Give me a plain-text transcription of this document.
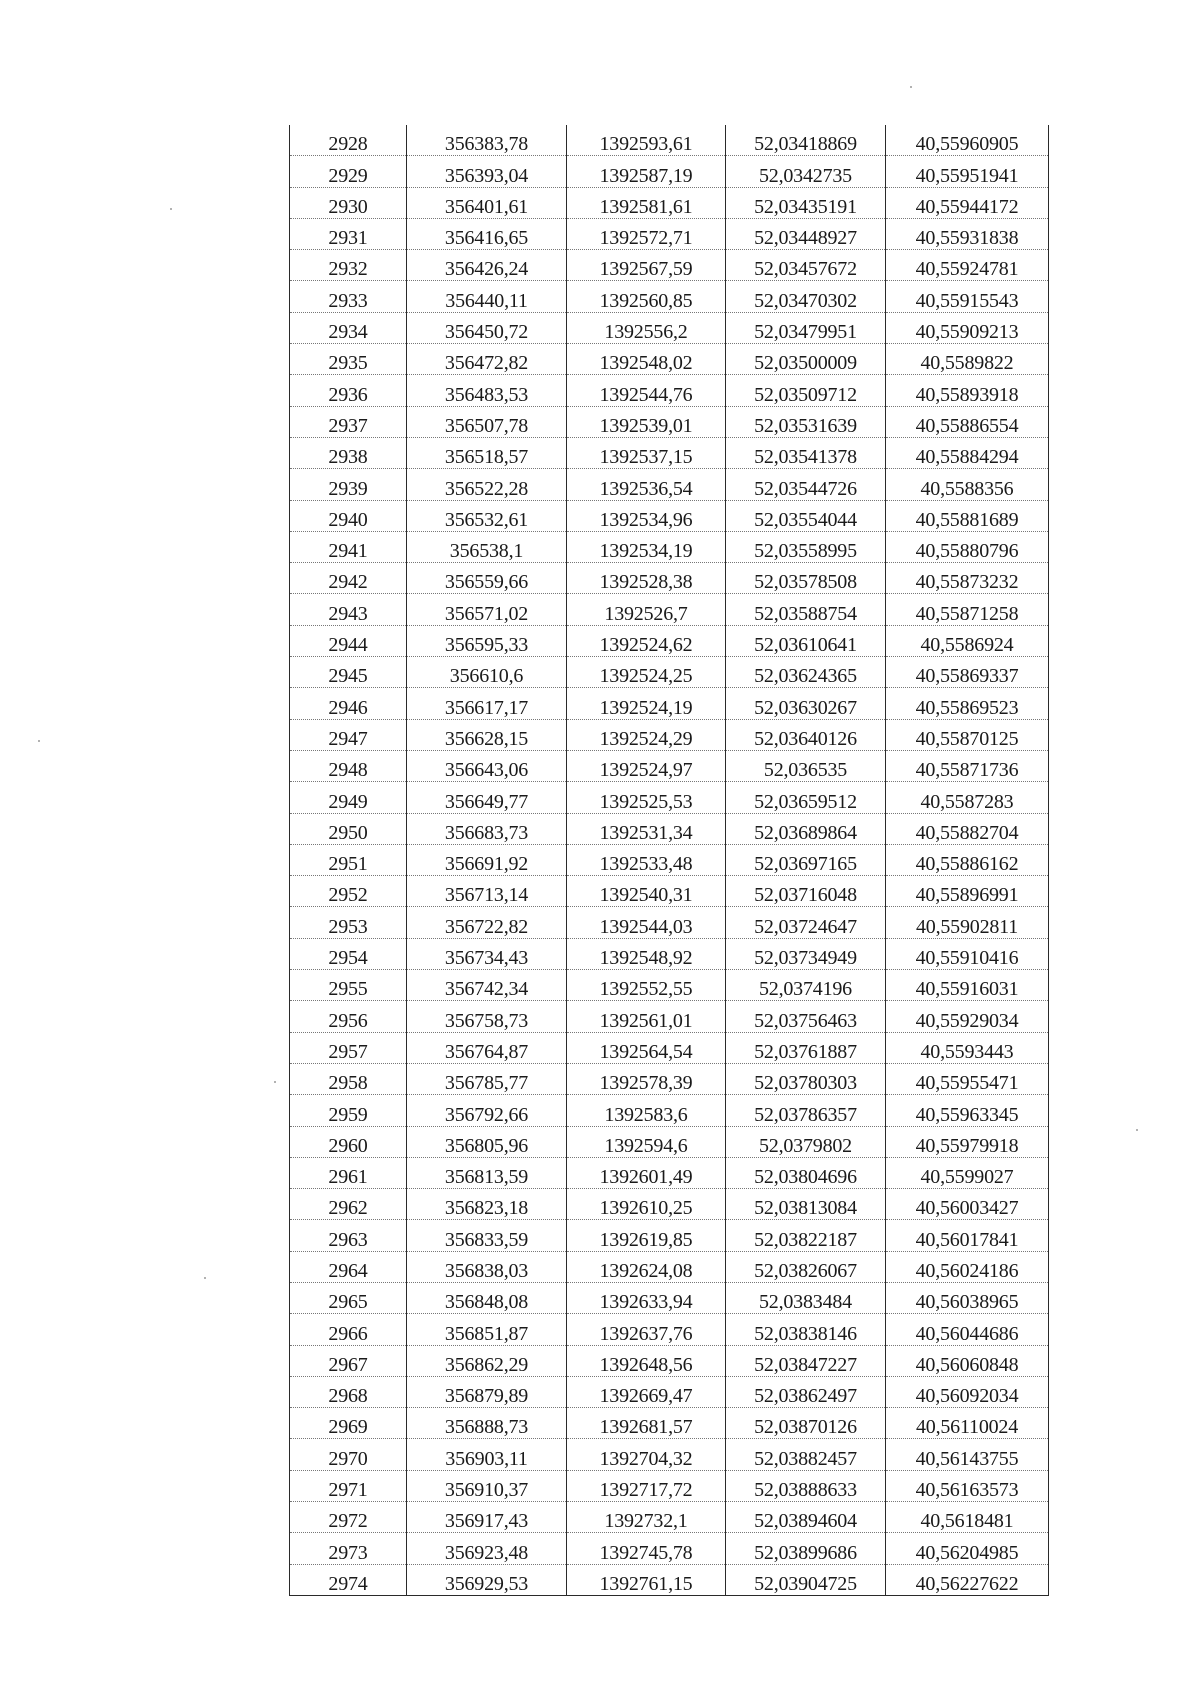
2928	356383,78	1392593,61	52,03418869	40,55960905
2929	356393,04	1392587,19	52,0342735	40,55951941
2930	356401,61	1392581,61	52,03435191	40,55944172
2931	356416,65	1392572,71	52,03448927	40,55931838
2932	356426,24	1392567,59	52,03457672	40,55924781
2933	356440,11	1392560,85	52,03470302	40,55915543
2934	356450,72	1392556,2	52,03479951	40,55909213
2935	356472,82	1392548,02	52,03500009	40,5589822
2936	356483,53	1392544,76	52,03509712	40,55893918
2937	356507,78	1392539,01	52,03531639	40,55886554
2938	356518,57	1392537,15	52,03541378	40,55884294
2939	356522,28	1392536,54	52,03544726	40,5588356
2940	356532,61	1392534,96	52,03554044	40,55881689
2941	356538,1	1392534,19	52,03558995	40,55880796
2942	356559,66	1392528,38	52,03578508	40,55873232
2943	356571,02	1392526,7	52,03588754	40,55871258
2944	356595,33	1392524,62	52,03610641	40,5586924
2945	356610,6	1392524,25	52,03624365	40,55869337
2946	356617,17	1392524,19	52,03630267	40,55869523
2947	356628,15	1392524,29	52,03640126	40,55870125
2948	356643,06	1392524,97	52,036535	40,55871736
2949	356649,77	1392525,53	52,03659512	40,5587283
2950	356683,73	1392531,34	52,03689864	40,55882704
2951	356691,92	1392533,48	52,03697165	40,55886162
2952	356713,14	1392540,31	52,03716048	40,55896991
2953	356722,82	1392544,03	52,03724647	40,55902811
2954	356734,43	1392548,92	52,03734949	40,55910416
2955	356742,34	1392552,55	52,0374196	40,55916031
2956	356758,73	1392561,01	52,03756463	40,55929034
2957	356764,87	1392564,54	52,03761887	40,5593443
2958	356785,77	1392578,39	52,03780303	40,55955471
2959	356792,66	1392583,6	52,03786357	40,55963345
2960	356805,96	1392594,6	52,0379802	40,55979918
2961	356813,59	1392601,49	52,03804696	40,5599027
2962	356823,18	1392610,25	52,03813084	40,56003427
2963	356833,59	1392619,85	52,03822187	40,56017841
2964	356838,03	1392624,08	52,03826067	40,56024186
2965	356848,08	1392633,94	52,0383484	40,56038965
2966	356851,87	1392637,76	52,03838146	40,56044686
2967	356862,29	1392648,56	52,03847227	40,56060848
2968	356879,89	1392669,47	52,03862497	40,56092034
2969	356888,73	1392681,57	52,03870126	40,56110024
2970	356903,11	1392704,32	52,03882457	40,56143755
2971	356910,37	1392717,72	52,03888633	40,56163573
2972	356917,43	1392732,1	52,03894604	40,5618481
2973	356923,48	1392745,78	52,03899686	40,56204985
2974	356929,53	1392761,15	52,03904725	40,56227622
